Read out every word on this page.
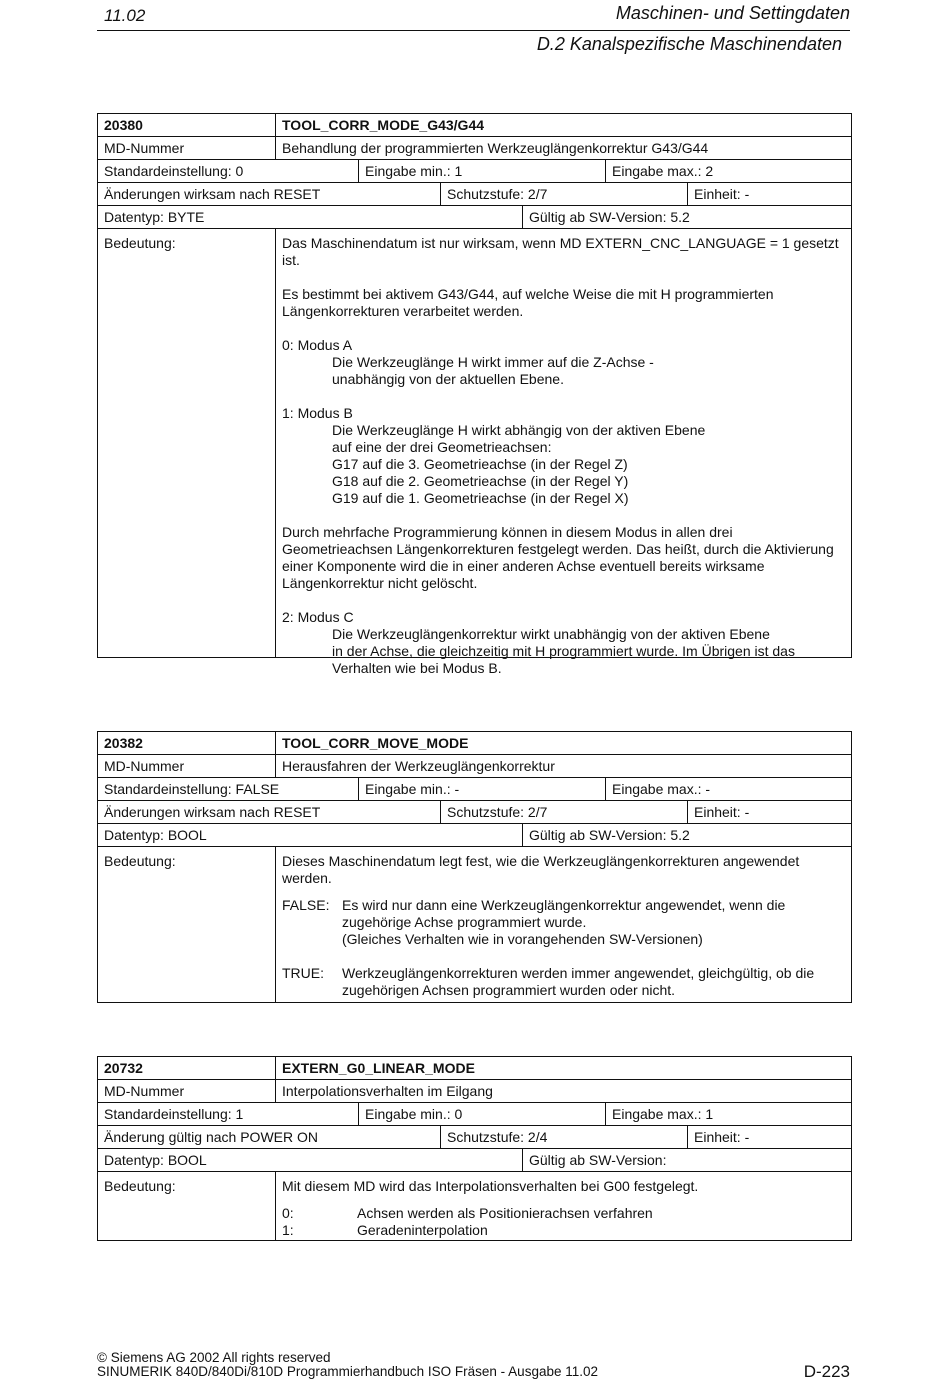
11.02	Maschinen- und Settingdaten
D.2 Kanalspezifische Maschinendaten
20380	TOOL_CORR_MODE_G43/G44
MD-Nummer	Behandlung der programmierten Werkzeuglängenkorrektur G43/G44
Standardeinstellung: 0	Eingabe min.: 1	Eingabe max.: 2
Änderungen wirksam nach RESET	Schutzstufe: 2/7	Einheit: -
Datentyp: BYTE	Gültig ab SW-Version: 5.2
Bedeutung:	Das Maschinendatum ist nur wirksam, wenn MD EXTERN_CNC_LANGUAGE = 1 gesetzt ist.

Es bestimmt bei aktivem G43/G44, auf welche Weise die mit H programmierten Längenkorrekturen verarbeitet werden.

0: Modus A

Die Werkzeuglänge H wirkt immer auf die Z-Achse -

unabhängig von der aktuellen Ebene.

1: Modus B

Die Werkzeuglänge H wirkt abhängig von der aktiven Ebene

auf eine der drei Geometrieachsen:

G17 auf die 3. Geometrieachse (in der Regel Z)

G18 auf die 2. Geometrieachse (in der Regel Y)

G19 auf die 1. Geometrieachse (in der Regel X)

Durch mehrfache Programmierung können in diesem Modus in allen drei Geometrieachsen Längenkorrekturen festgelegt werden. Das heißt, durch die Aktivierung einer Komponente wird die in einer anderen Achse eventuell bereits wirksame Längenkorrektur nicht gelöscht.

2: Modus C

Die Werkzeuglängenkorrektur wirkt unabhängig von der aktiven Ebene

in der Achse, die gleichzeitig mit H programmiert wurde. Im Übrigen ist das

Verhalten wie bei Modus B.

20382	TOOL_CORR_MOVE_MODE
MD-Nummer	Herausfahren der Werkzeuglängenkorrektur
Standardeinstellung: FALSE	Eingabe min.: -	Eingabe max.: -
Änderungen wirksam nach RESET	Schutzstufe: 2/7	Einheit: -
Datentyp: BOOL	Gültig ab SW-Version: 5.2
Bedeutung:	Dieses Maschinendatum legt fest, wie die Werkzeuglängenkorrekturen angewendet werden.

FALSE: Es wird nur dann eine Werkzeuglängenkorrektur angewendet, wenn die zugehörige Achse programmiert wurde.
(Gleiches Verhalten wie in vorangehenden SW-Versionen)
TRUE:	Werkzeuglängenkorrekturen werden immer angewendet, gleichgültig, ob die zugehörigen Achsen programmiert wurden oder nicht.
20732	EXTERN_G0_LINEAR_MODE
MD-Nummer	Interpolationsverhalten im Eilgang
Standardeinstellung: 1	Eingabe min.: 0	Eingabe max.: 1
Änderung gültig nach POWER ON	Schutzstufe: 2/4	Einheit: -
Datentyp: BOOL	Gültig ab SW-Version:
Bedeutung:	Mit diesem MD wird das Interpolationsverhalten bei G00 festgelegt.

0:	Achsen werden als Positionierachsen verfahren
1:	Geradeninterpolation
© Siemens AG 2002 All rights reserved
SINUMERIK 840D/840Di/810D Programmierhandbuch ISO Fräsen - Ausgabe 11.02	D-223
